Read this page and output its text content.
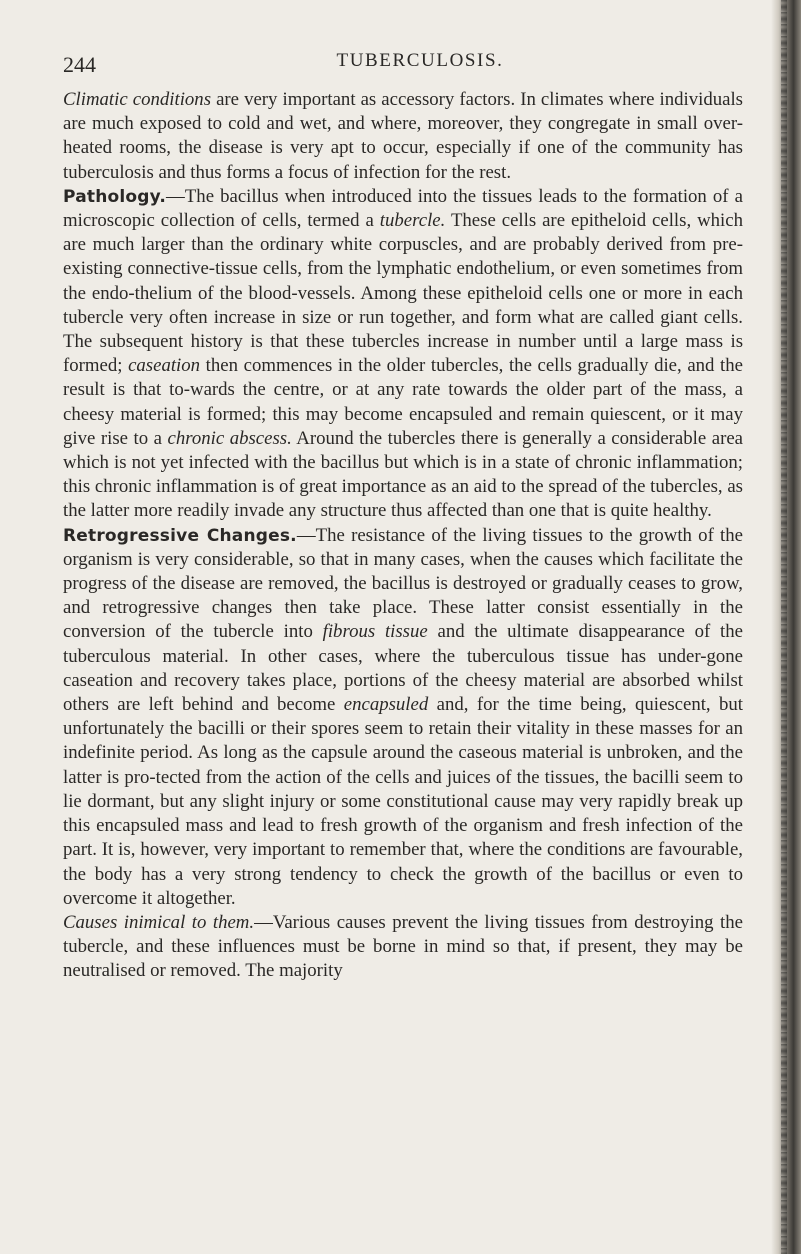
244	TUBERCULOSIS.

Climatic conditions are very important as accessory factors. In climates where individuals are much exposed to cold and wet, and where, moreover, they congregate in small over-heated rooms, the disease is very apt to occur, especially if one of the community has tuberculosis and thus forms a focus of infection for the rest.

Pathology.—The bacillus when introduced into the tissues leads to the formation of a microscopic collection of cells, termed a tubercle. These cells are epitheloid cells, which are much larger than the ordinary white corpuscles, and are probably derived from pre-existing connective-tissue cells, from the lymphatic endothelium, or even sometimes from the endo-thelium of the blood-vessels. Among these epitheloid cells one or more in each tubercle very often increase in size or run together, and form what are called giant cells. The subsequent history is that these tubercles increase in number until a large mass is formed; caseation then commences in the older tubercles, the cells gradually die, and the result is that to-wards the centre, or at any rate towards the older part of the mass, a cheesy material is formed; this may become encapsuled and remain quiescent, or it may give rise to a chronic abscess. Around the tubercles there is generally a considerable area which is not yet infected with the bacillus but which is in a state of chronic inflammation; this chronic inflammation is of great importance as an aid to the spread of the tubercles, as the latter more readily invade any structure thus affected than one that is quite healthy.

Retrogressive Changes.—The resistance of the living tissues to the growth of the organism is very considerable, so that in many cases, when the causes which facilitate the progress of the disease are removed, the bacillus is destroyed or gradually ceases to grow, and retrogressive changes then take place. These latter consist essentially in the conversion of the tubercle into fibrous tissue and the ultimate disappearance of the tuberculous material. In other cases, where the tuberculous tissue has under-gone caseation and recovery takes place, portions of the cheesy material are absorbed whilst others are left behind and become encapsuled and, for the time being, quiescent, but unfortunately the bacilli or their spores seem to retain their vitality in these masses for an indefinite period. As long as the capsule around the caseous material is unbroken, and the latter is pro-tected from the action of the cells and juices of the tissues, the bacilli seem to lie dormant, but any slight injury or some constitutional cause may very rapidly break up this encapsuled mass and lead to fresh growth of the organism and fresh infection of the part. It is, however, very important to remember that, where the conditions are favourable, the body has a very strong tendency to check the growth of the bacillus or even to overcome it altogether.

Causes inimical to them.—Various causes prevent the living tissues from destroying the tubercle, and these influences must be borne in mind so that, if present, they may be neutralised or removed. The majority
